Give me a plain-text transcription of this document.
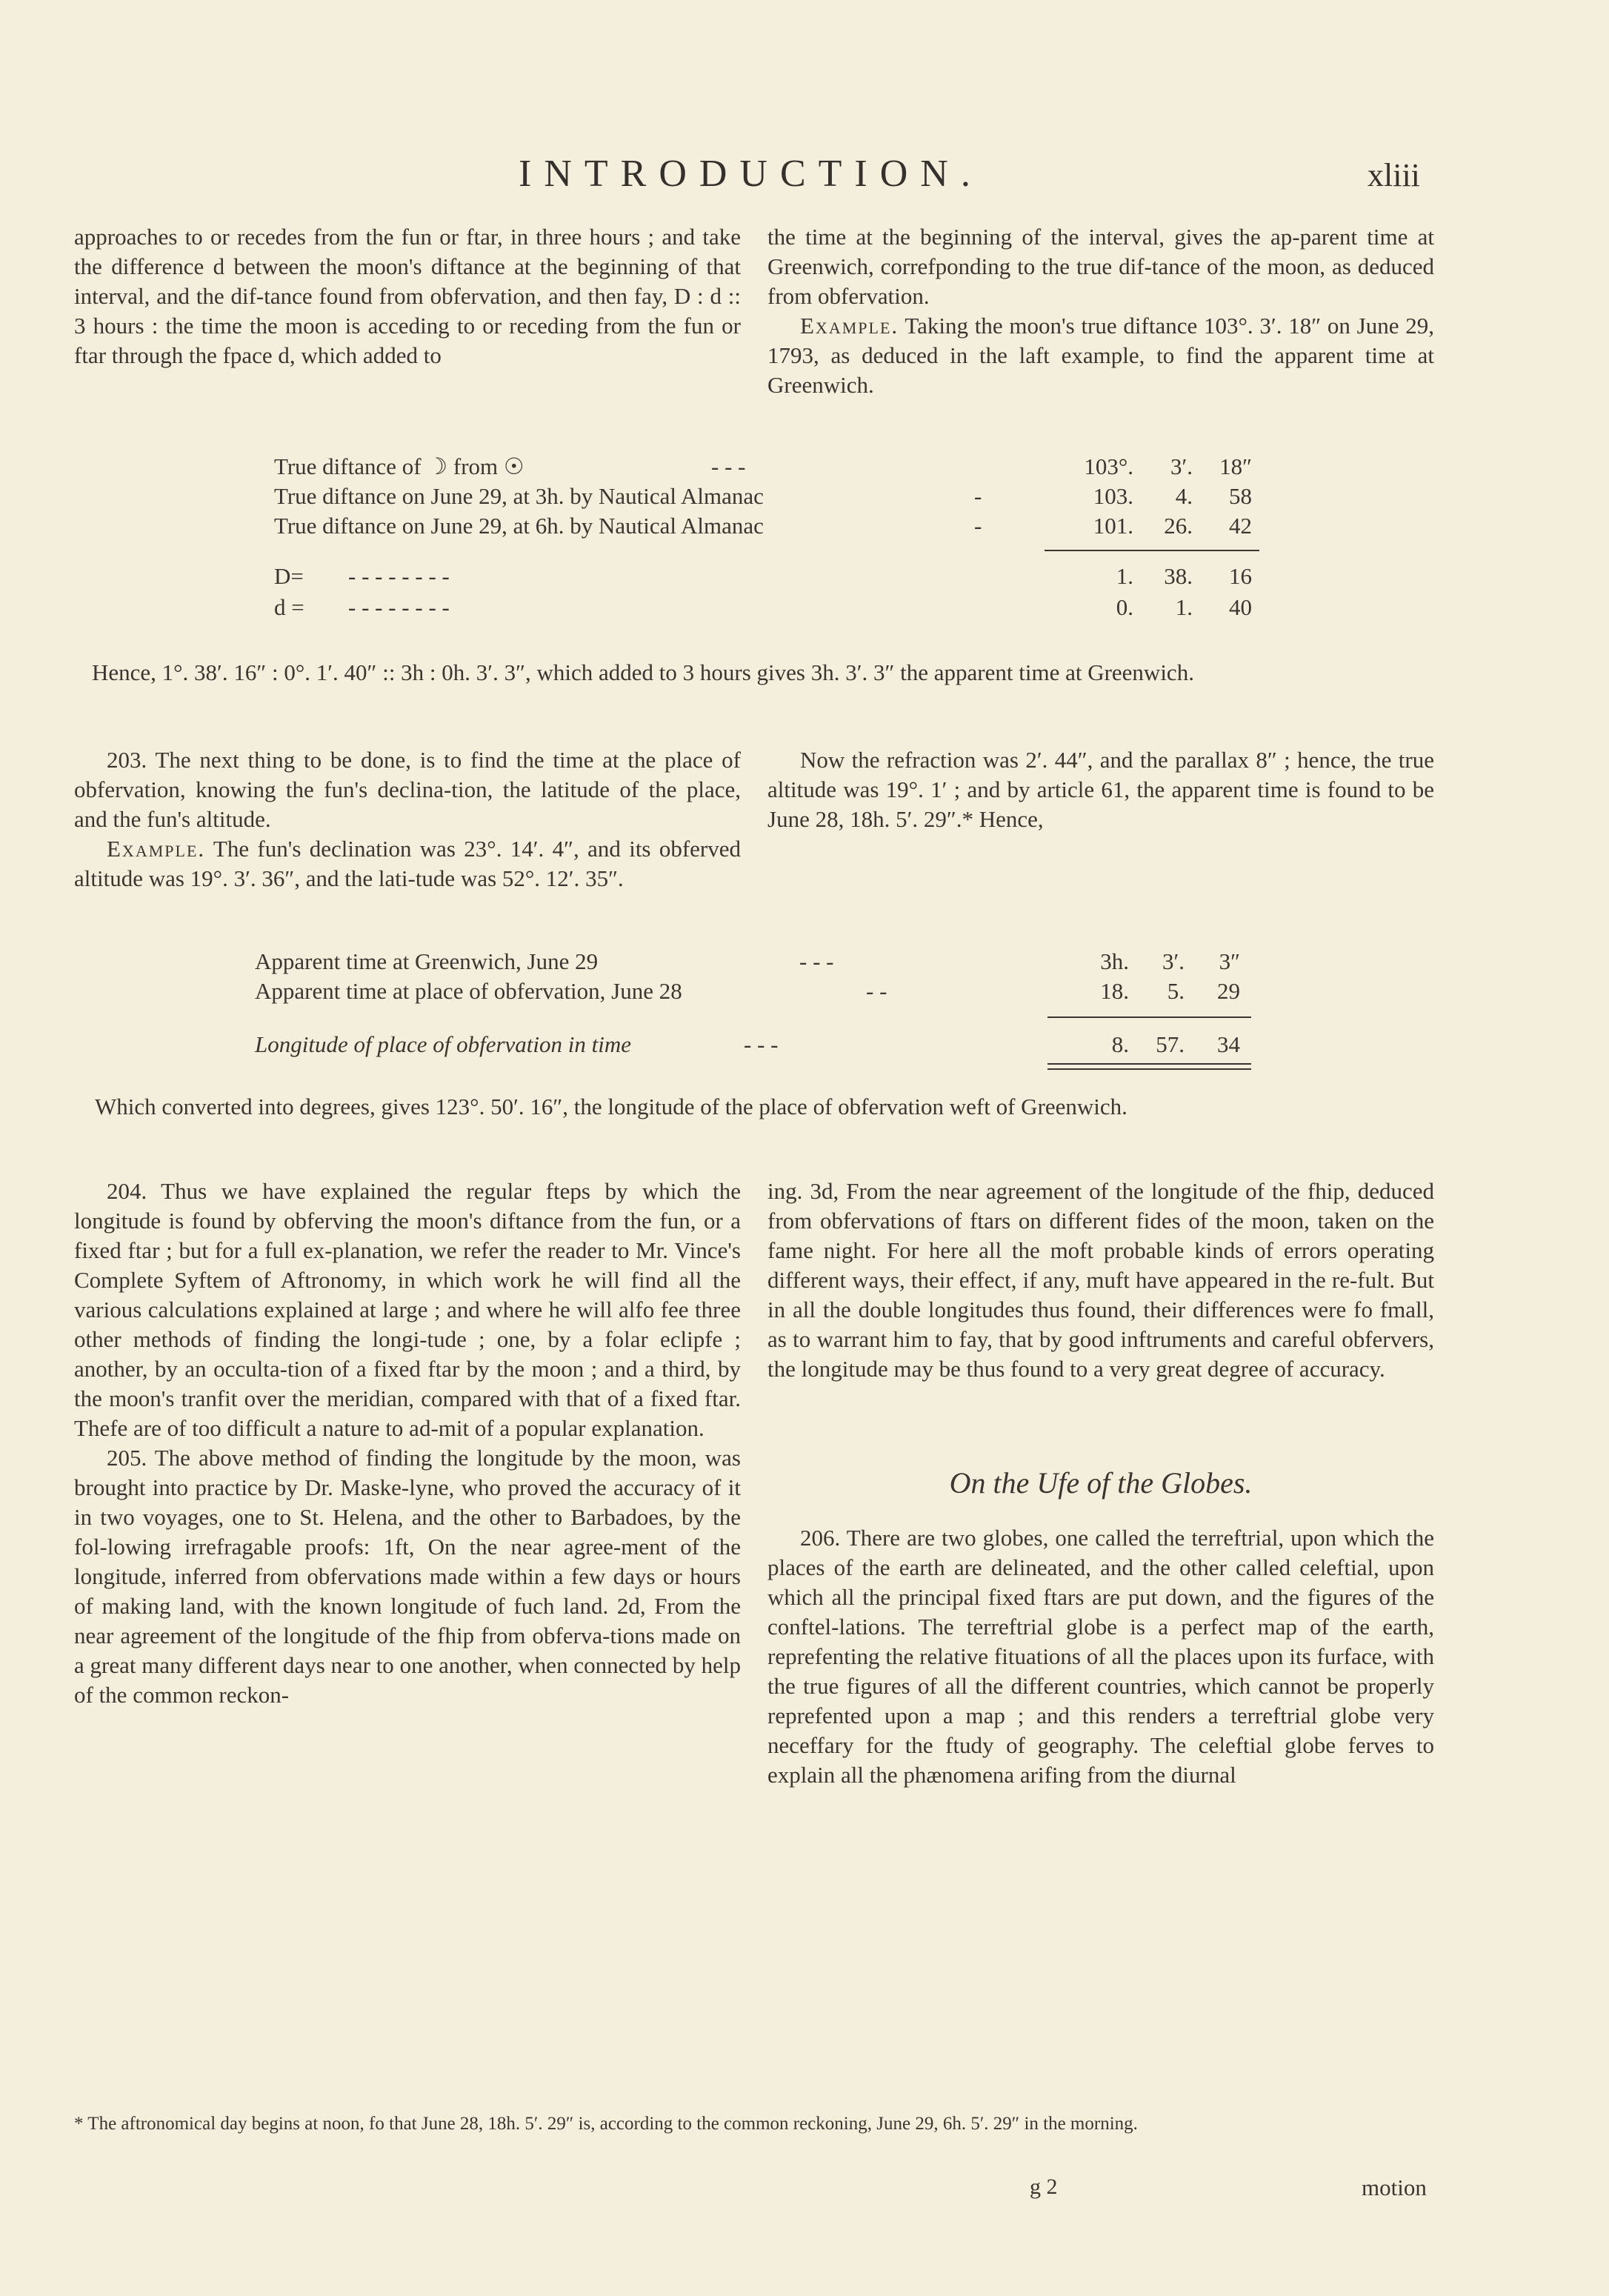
INTRODUCTION.	xliii

approaches to or recedes from the fun or ftar, in three hours ; and take the difference d between the moon's diftance at the beginning of that interval, and the dif-tance found from obfervation, and then fay, D : d :: 3 hours : the time the moon is acceding to or receding from the fun or ftar through the fpace d, which added to

the time at the beginning of the interval, gives the ap-parent time at Greenwich, correfponding to the true dif-tance of the moon, as deduced from obfervation.

Example. Taking the moon's true diftance 103°. 3′. 18″ on June 29, 1793, as deduced in the laft example, to find the apparent time at Greenwich.

True diftance of ☽ from ☉	- - -	103°.	3′.	18″
True diftance on June 29, at 3h. by Nautical Almanac	-	103.	4.	58
True diftance on June 29, at 6h. by Nautical Almanac	-	101.	26.	42
D= - - - - - - - -	1.	38.	16
d = - - - - - - - -	0.	1.	40

Hence, 1°. 38′. 16″ : 0°. 1′. 40″ :: 3h : 0h. 3′. 3″, which added to 3 hours gives 3h. 3′. 3″ the apparent time at Greenwich.

203. The next thing to be done, is to find the time at the place of obfervation, knowing the fun's declina-tion, the latitude of the place, and the fun's altitude.

Example. The fun's declination was 23°. 14′. 4″, and its obferved altitude was 19°. 3′. 36″, and the lati-tude was 52°. 12′. 35″.

Now the refraction was 2′. 44″, and the parallax 8″ ; hence, the true altitude was 19°. 1′ ; and by article 61, the apparent time is found to be June 28, 18h. 5′. 29″.* Hence,

Apparent time at Greenwich, June 29	- - -	3h.	3′.	3″
Apparent time at place of obfervation, June 28	- -	18.	5.	29
Longitude of place of obfervation in time	- - -	8.	57.	34

Which converted into degrees, gives 123°. 50′. 16″, the longitude of the place of obfervation weft of Greenwich.

204. Thus we have explained the regular fteps by which the longitude is found by obferving the moon's diftance from the fun, or a fixed ftar ; but for a full ex-planation, we refer the reader to Mr. Vince's Complete Syftem of Aftronomy, in which work he will find all the various calculations explained at large ; and where he will alfo fee three other methods of finding the longi-tude ; one, by a folar eclipfe ; another, by an occulta-tion of a fixed ftar by the moon ; and a third, by the moon's tranfit over the meridian, compared with that of a fixed ftar. Thefe are of too difficult a nature to ad-mit of a popular explanation.

205. The above method of finding the longitude by the moon, was brought into practice by Dr. Maske-lyne, who proved the accuracy of it in two voyages, one to St. Helena, and the other to Barbadoes, by the fol-lowing irrefragable proofs: 1ft, On the near agree-ment of the longitude, inferred from obfervations made within a few days or hours of making land, with the known longitude of fuch land. 2d, From the near agreement of the longitude of the fhip from obferva-tions made on a great many different days near to one another, when connected by help of the common reckon-

ing. 3d, From the near agreement of the longitude of the fhip, deduced from obfervations of ftars on different fides of the moon, taken on the fame night. For here all the moft probable kinds of errors operating different ways, their effect, if any, muft have appeared in the re-fult. But in all the double longitudes thus found, their differences were fo fmall, as to warrant him to fay, that by good inftruments and careful obfervers, the longitude may be thus found to a very great degree of accuracy.

On the Ufe of the Globes.

206. There are two globes, one called the terreftrial, upon which the places of the earth are delineated, and the other called celeftial, upon which all the principal fixed ftars are put down, and the figures of the conftel-lations. The terreftrial globe is a perfect map of the earth, reprefenting the relative fituations of all the places upon its furface, with the true figures of all the different countries, which cannot be properly reprefented upon a map ; and this renders a terreftrial globe very neceffary for the ftudy of geography. The celeftial globe ferves to explain all the phænomena arifing from the diurnal

* The aftronomical day begins at noon, fo that June 28, 18h. 5′. 29″ is, according to the common reckoning, June 29, 6h. 5′. 29″ in the morning.
g 2	motion
